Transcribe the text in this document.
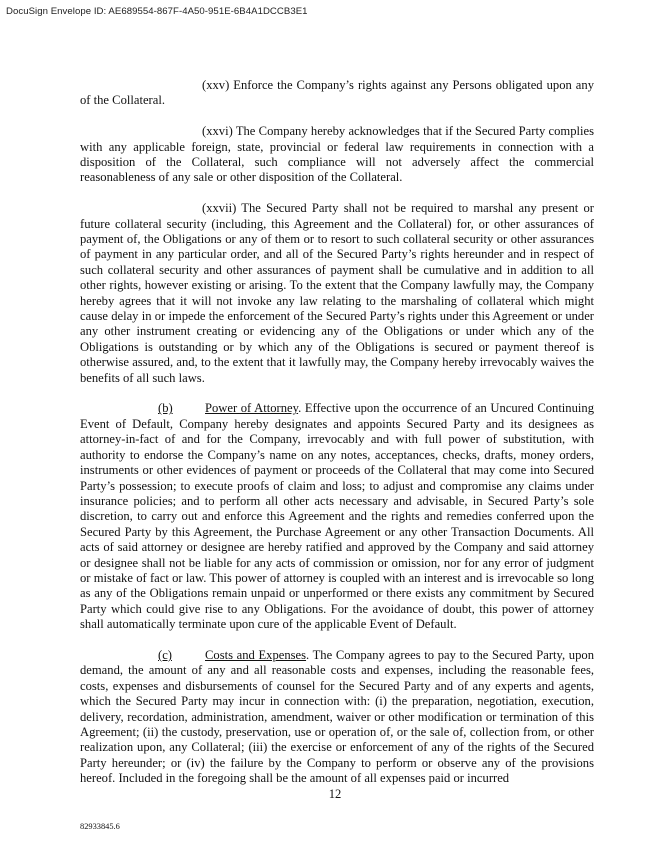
DocuSign Envelope ID: AE689554-867F-4A50-951E-6B4A1DCCB3E1

(xxv) Enforce the Company’s rights against any Persons obligated upon any of the Collateral.

(xxvi) The Company hereby acknowledges that if the Secured Party complies with any applicable foreign, state, provincial or federal law requirements in connection with a disposition of the Collateral, such compliance will not adversely affect the commercial reasonableness of any sale or other disposition of the Collateral.

(xxvii) The Secured Party shall not be required to marshal any present or future collateral security (including, this Agreement and the Collateral) for, or other assurances of payment of, the Obligations or any of them or to resort to such collateral security or other assurances of payment in any particular order, and all of the Secured Party’s rights hereunder and in respect of such collateral security and other assurances of payment shall be cumulative and in addition to all other rights, however existing or arising. To the extent that the Company lawfully may, the Company hereby agrees that it will not invoke any law relating to the marshaling of collateral which might cause delay in or impede the enforcement of the Secured Party’s rights under this Agreement or under any other instrument creating or evidencing any of the Obligations or under which any of the Obligations is outstanding or by which any of the Obligations is secured or payment thereof is otherwise assured, and, to the extent that it lawfully may, the Company hereby irrevocably waives the benefits of all such laws.

(b)	Power of Attorney. Effective upon the occurrence of an Uncured Continuing Event of Default, Company hereby designates and appoints Secured Party and its designees as attorney-in-fact of and for the Company, irrevocably and with full power of substitution, with authority to endorse the Company’s name on any notes, acceptances, checks, drafts, money orders, instruments or other evidences of payment or proceeds of the Collateral that may come into Secured Party’s possession; to execute proofs of claim and loss; to adjust and compromise any claims under insurance policies; and to perform all other acts necessary and advisable, in Secured Party’s sole discretion, to carry out and enforce this Agreement and the rights and remedies conferred upon the Secured Party by this Agreement, the Purchase Agreement or any other Transaction Documents. All acts of said attorney or designee are hereby ratified and approved by the Company and said attorney or designee shall not be liable for any acts of commission or omission, nor for any error of judgment or mistake of fact or law. This power of attorney is coupled with an interest and is irrevocable so long as any of the Obligations remain unpaid or unperformed or there exists any commitment by Secured Party which could give rise to any Obligations. For the avoidance of doubt, this power of attorney shall automatically terminate upon cure of the applicable Event of Default.

(c)	Costs and Expenses. The Company agrees to pay to the Secured Party, upon demand, the amount of any and all reasonable costs and expenses, including the reasonable fees, costs, expenses and disbursements of counsel for the Secured Party and of any experts and agents, which the Secured Party may incur in connection with: (i) the preparation, negotiation, execution, delivery, recordation, administration, amendment, waiver or other modification or termination of this Agreement; (ii) the custody, preservation, use or operation of, or the sale of, collection from, or other realization upon, any Collateral; (iii) the exercise or enforcement of any of the rights of the Secured Party hereunder; or (iv) the failure by the Company to perform or observe any of the provisions hereof. Included in the foregoing shall be the amount of all expenses paid or incurred

12
82933845.6
